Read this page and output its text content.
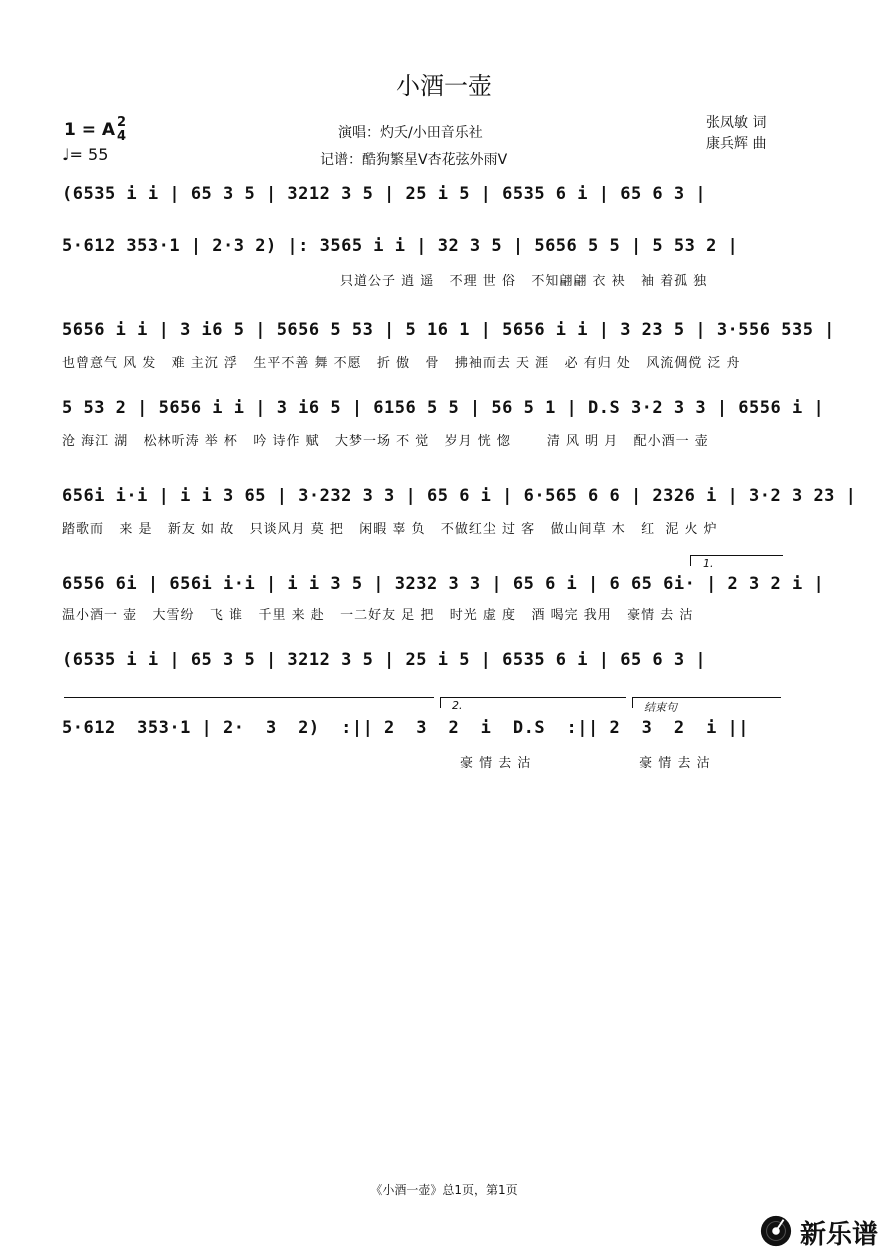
小酒一壶
1 = A 2
4
♩= 55
演唱：灼夭/小田音乐社
记谱：酷狗繁星V杏花弦外雨V
张凤敏 词
康兵辉 曲
(6535 i i | 65 3 5 | 3212 3 5 | 25 i 5 | 6535 6 i | 65 6 3 |
5·612 353·1 | 2·3 2) |: 3565 i i | 32 3 5 | 5656 5 5 | 5 53 2 |
只道公子 逍 遥   不理 世 俗   不知翩翩 衣 袂   袖 着孤 独
5656 i i | 3 i6 5 | 5656 5 53 | 5 16 1 | 5656 i i | 3 23 5 | 3·556 535 |
也曾意气 风 发   难 主沉 浮   生平不善 舞 不愿   折 傲   骨   拂袖而去 天 涯   必 有归 处   风流倜傥 泛 舟
5 53 2 | 5656 i i | 3 i6 5 | 6156 5 5 | 56 5 1 | D.S 3·2 3 3 | 6556 i |
沧 海江 湖   松林听涛 举 杯   吟 诗作 赋   大梦一场 不 觉   岁月 恍 惚       清 风 明 月   配小酒一 壶
656i i·i | i i 3 65 | 3·232 3 3 | 65 6 i | 6·565 6 6 | 2326 i | 3·2 3 23 |
踏歌而   来 是   新友 如 故   只谈风月 莫 把   闲暇 辜 负   不做红尘 过 客   做山间草 木   红  泥 火 炉
6556 6i | 656i i·i | i i 3 5 | 3232 3 3 | 65 6 i | 6 65 6i· | 2 3 2 i |
温小酒一 壶   大雪纷   飞 谁   千里 来 赴   一二好友 足 把   时光 虚 度   酒 喝完 我用   豪情 去 沽
(6535 i i | 65 3 5 | 3212 3 5 | 25 i 5 | 6535 6 i | 65 6 3 |
5·612  353·1 | 2·  3  2)  :|| 2  3  2  i  D.S  :|| 2  3  2  i ||
豪 情 去 沽                     豪 情 去 沽
1.
2.	结束句
《小酒一壶》总1页，第1页
新乐谱
